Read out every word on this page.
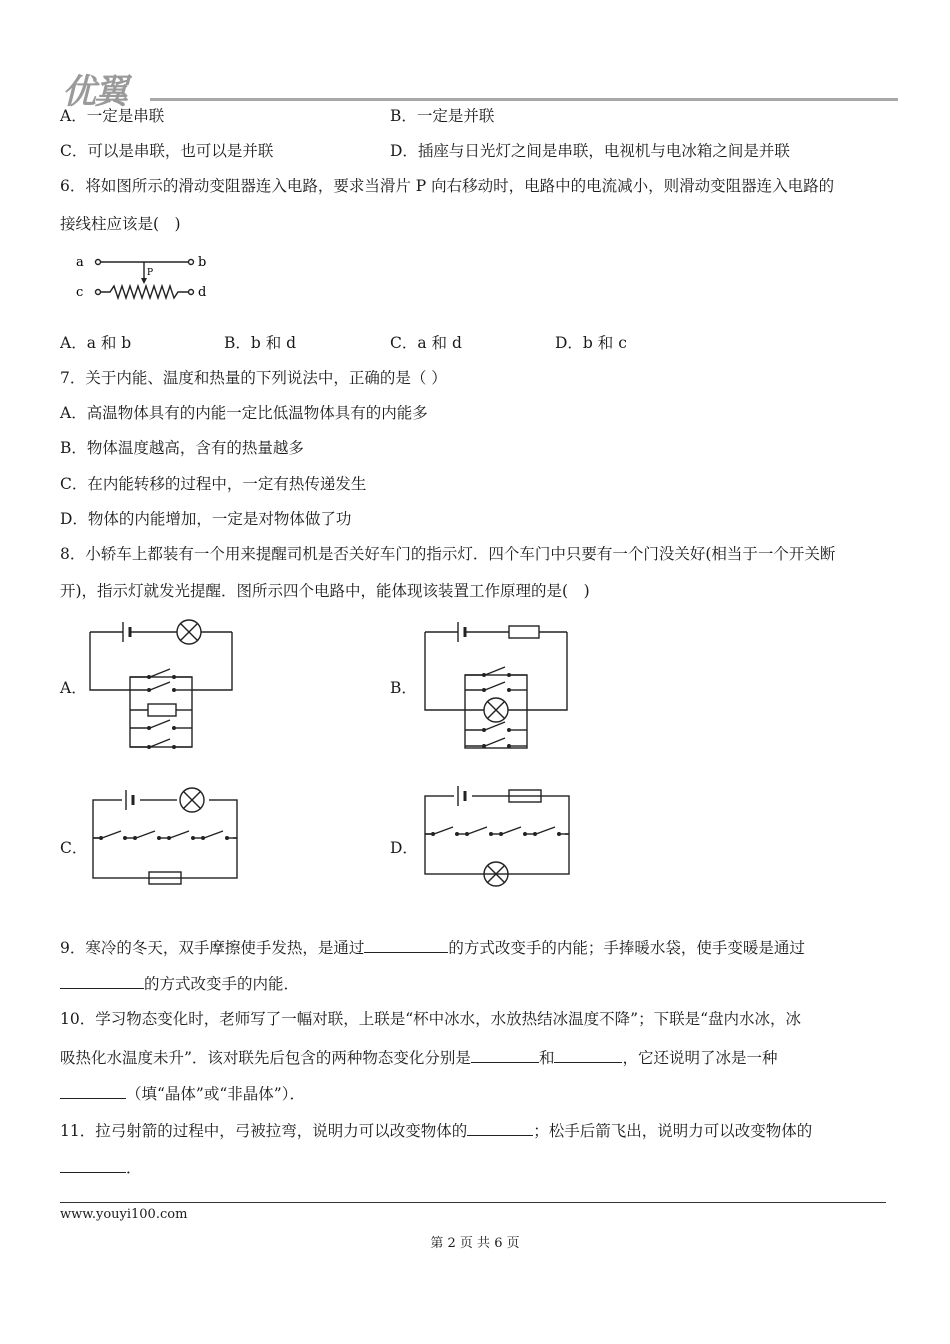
优翼
A．一定是串联	B．一定是并联
C．可以是串联，也可以是并联	D．插座与日光灯之间是串联，电视机与电冰箱之间是并联
6．将如图所示的滑动变阻器连入电路，要求当滑片 P 向右移动时，电路中的电流减小，则滑动变阻器连入电路的
接线柱应该是(　)
a	b
P
c	d
A．a 和 b	B．b 和 d	C．a 和 d	D．b 和 c
7．关于内能、温度和热量的下列说法中，正确的是（ ）
A．高温物体具有的内能一定比低温物体具有的内能多
B．物体温度越高，含有的热量越多
C．在内能转移的过程中，一定有热传递发生
D．物体的内能增加，一定是对物体做了功
8．小轿车上都装有一个用来提醒司机是否关好车门的指示灯．四个车门中只要有一个门没关好(相当于一个开关断
开)，指示灯就发光提醒．图所示四个电路中，能体现该装置工作原理的是(　)
A．	B．
C．	D．
9．寒冷的冬天，双手摩擦使手发热，是通过	的方式改变手的内能；手捧暖水袋，使手变暖是通过
的方式改变手的内能．
10．学习物态变化时，老师写了一幅对联，上联是“杯中冰水，水放热结冰温度不降”；下联是“盘内水冰，冰
吸热化水温度未升”．该对联先后包含的两种物态变化分别是	和	，它还说明了冰是一种
（填“晶体”或“非晶体”）．
11．拉弓射箭的过程中，弓被拉弯，说明力可以改变物体的	；松手后箭飞出，说明力可以改变物体的
．
www.youyi100.com
第 2 页 共 6 页
